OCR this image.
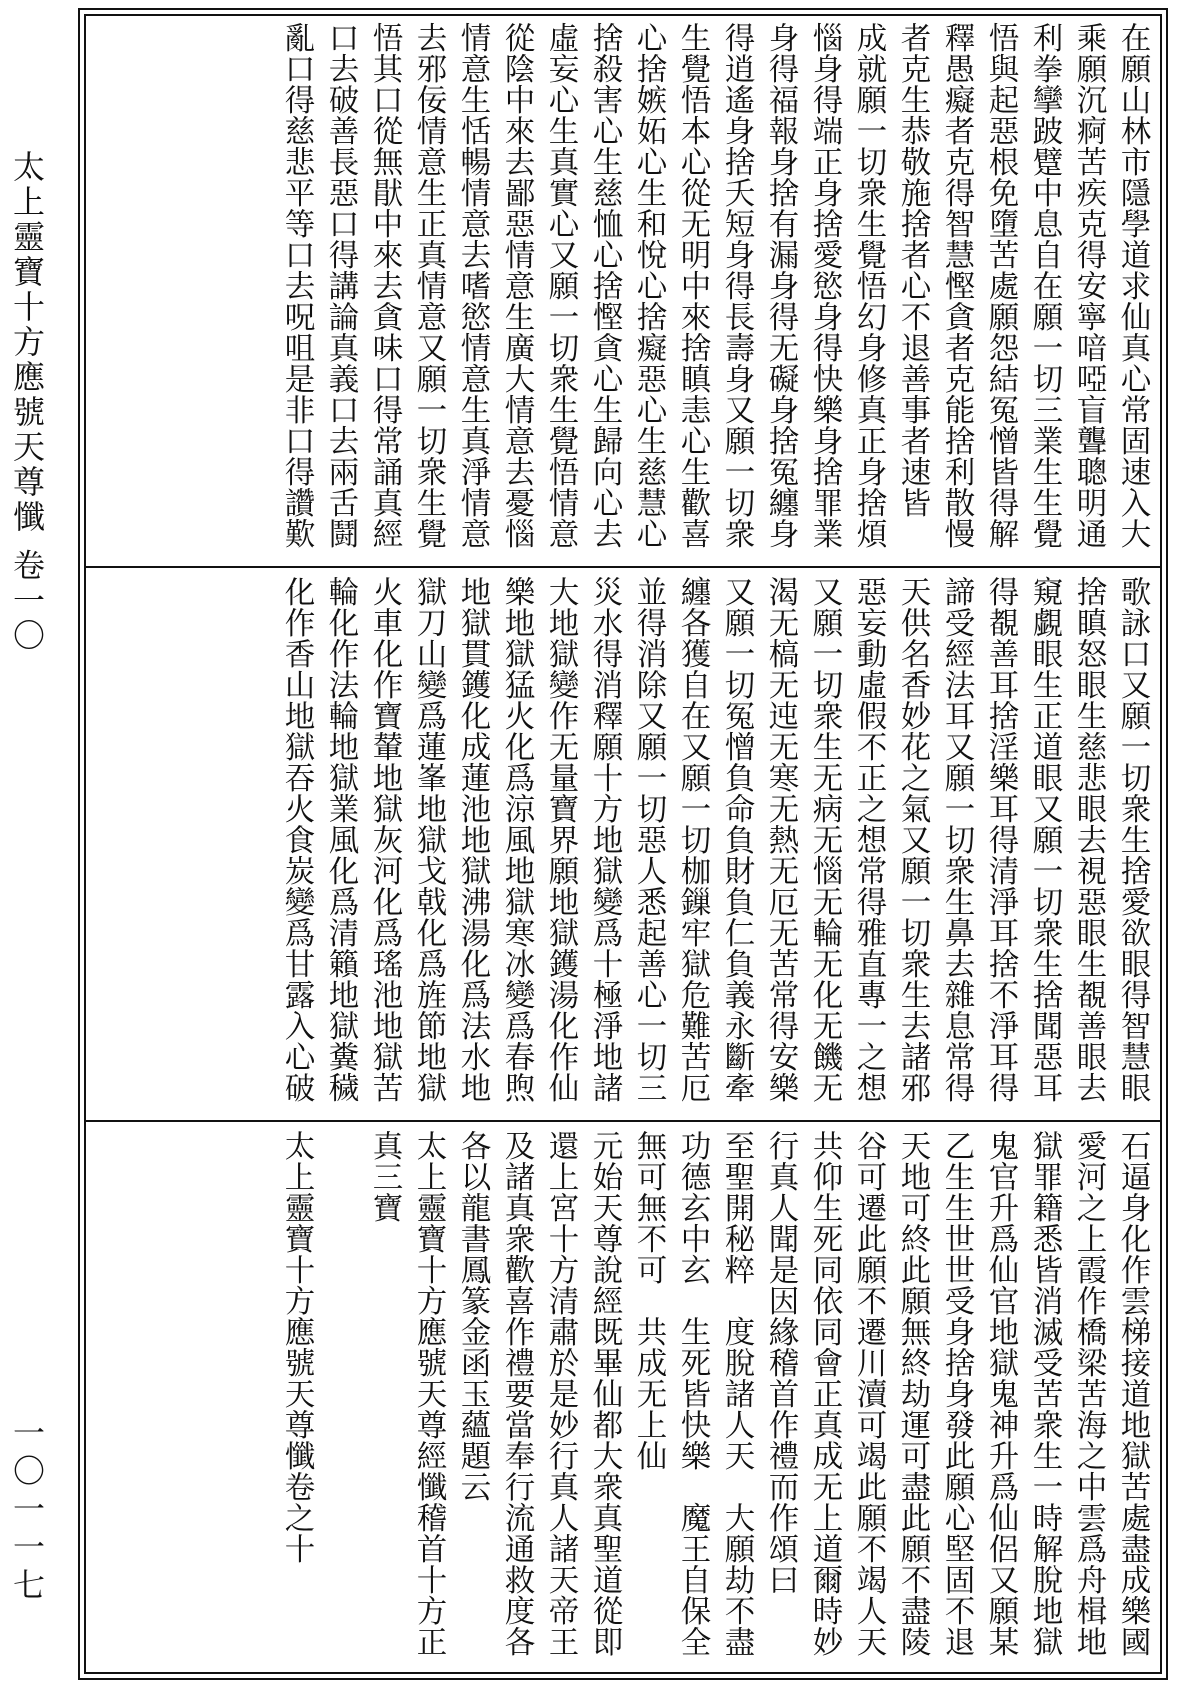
太上靈寶十方應號天尊懺 卷一〇
一〇一一七
在願山林市隱學道求仙真心常固速入大
乘願沉痾苦疾克得安寧喑啞盲聾聰明通
利拳攣跛躄中息自在願一切三業生生覺
悟與起惡根免墮苦處願怨結冤憎皆得解
釋愚癡者克得智慧慳貪者克能捨利散慢
者克生恭敬施捨者心不退善事者速皆
成就願一切衆生覺悟幻身修真正身捨煩
惱身得端正身捨愛慾身得快樂身捨罪業
身得福報身捨有漏身得无礙身捨冤纏身
得逍遙身捨夭短身得長壽身又願一切衆
生覺悟本心從无明中來捨瞋恚心生歡喜
心捨嫉妬心生和悅心捨癡惡心生慈慧心
捨殺害心生慈恤心捨慳貪心生歸向心去
虛妄心生真實心又願一切衆生覺悟情意
從陰中來去鄙惡情意生廣大情意去憂惱
情意生恬暢情意去嗜慾情意生真淨情意
去邪佞情意生正真情意又願一切衆生覺
悟其口從無猒中來去貪味口得常誦真經
口去破善長惡口得講論真義口去兩舌鬪
亂口得慈悲平等口去呪咀是非口得讚歎
歌詠口又願一切衆生捨愛欲眼得智慧眼
捨瞋怒眼生慈悲眼去視惡眼生覩善眼去
窺覷眼生正道眼又願一切衆生捨聞惡耳
得覩善耳捨淫樂耳得清淨耳捨不淨耳得
諦受經法耳又願一切衆生鼻去雜息常得
天供名香妙花之氣又願一切衆生去諸邪
惡妄動虛假不正之想常得雅直專一之想
又願一切衆生无病无惱无輪无化无饑无
渴无槁无迍无寒无熱无厄无苦常得安樂
又願一切冤憎負命負財負仁負義永斷牽
纏各獲自在又願一切枷鏁牢獄危難苦厄
並得消除又願一切惡人悉起善心一切三
災水得消釋願十方地獄變爲十極淨地諸
大地獄變作无量寶界願地獄鑊湯化作仙
樂地獄猛火化爲涼風地獄寒冰變爲春煦
地獄貫鑊化成蓮池地獄沸湯化爲法水地
獄刀山變爲蓮峯地獄戈戟化爲旌節地獄
火車化作寶輦地獄灰河化爲瑤池地獄苦
輪化作法輪地獄業風化爲清籟地獄糞穢
化作香山地獄吞火食炭變爲甘露入心破
石逼身化作雲梯接道地獄苦處盡成樂國
愛河之上霞作橋梁苦海之中雲爲舟楫地
獄罪籍悉皆消滅受苦衆生一時解脫地獄
鬼官升爲仙官地獄鬼神升爲仙侶又願某
乙生生世世受身捨身發此願心堅固不退
天地可終此願無終劫運可盡此願不盡陵
谷可遷此願不遷川瀆可竭此願不竭人天
共仰生死同依同會正真成无上道爾時妙
行真人聞是因緣稽首作禮而作頌曰
至聖開秘粹　度脫諸人天　大願劫不盡
功德玄中玄　生死皆快樂　魔王自保全
無可無不可　共成无上仙
元始天尊說經既畢仙都大衆真聖道從即
還上宮十方清肅於是妙行真人諸天帝王
及諸真衆歡喜作禮要當奉行流通救度各
各以龍書鳳篆金函玉蘊題云
太上靈寶十方應號天尊經懺稽首十方正
真三寶
太上靈寶十方應號天尊懺卷之十
